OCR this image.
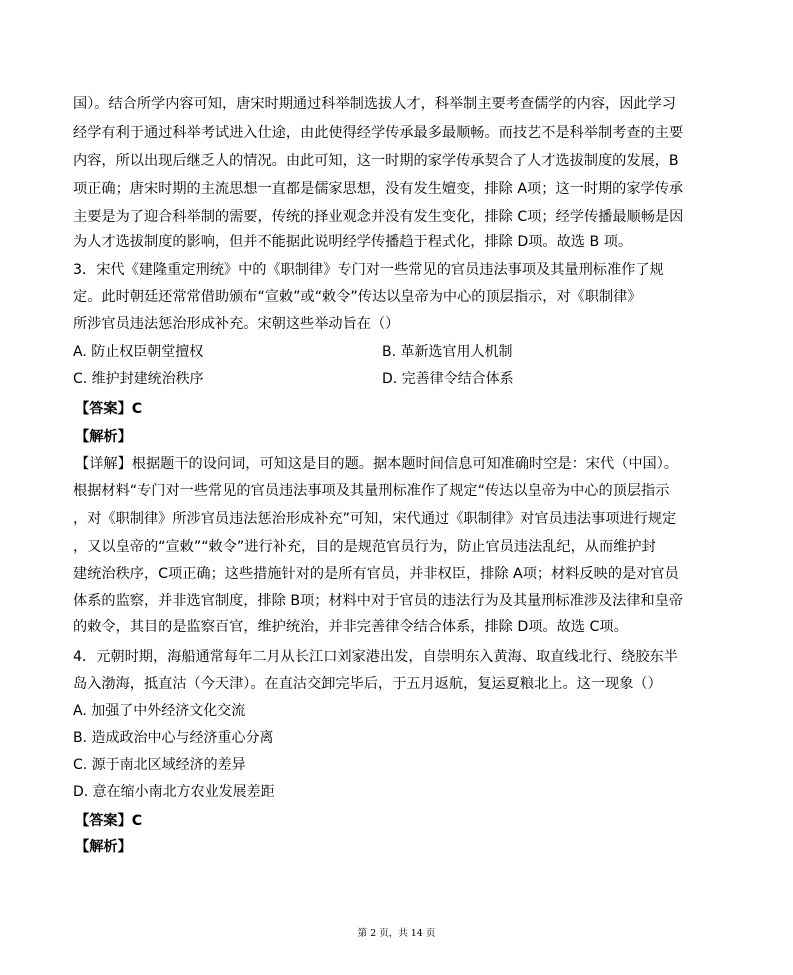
国）。结合所学内容可知，唐宋时期通过科举制选拔人才，科举制主要考查儒学的内容，因此学习
经学有利于通过科举考试进入仕途，由此使得经学传承最多最顺畅。而技艺不是科举制考查的主要
内容，所以出现后继乏人的情况。由此可知，这一时期的家学传承契合了人才选拔制度的发展，B
项正确；唐宋时期的主流思想一直都是儒家思想，没有发生嬗变，排除 A项；这一时期的家学传承
主要是为了迎合科举制的需要，传统的择业观念并没有发生变化，排除 C项；经学传播最顺畅是因
为人才选拔制度的影响，但并不能据此说明经学传播趋于程式化，排除 D项。故选 B 项。
3．宋代《建隆重定刑统》中的《职制律》专门对一些常见的官员违法事项及其量刑标准作了规
定。此时朝廷还常常借助颁布“宣敕”或“敕令”传达以皇帝为中心的顶层指示，对《职制律》
所涉官员违法惩治形成补充。宋朝这些举动旨在（）
A. 防止权臣朝堂擅权	B. 革新选官用人机制
C. 维护封建统治秩序	D. 完善律令结合体系
【答案】C
【解析】
【详解】根据题干的设问词，可知这是目的题。据本题时间信息可知准确时空是：宋代（中国）。
根据材料“专门对一些常见的官员违法事项及其量刑标准作了规定“传达以皇帝为中心的顶层指示
，对《职制律》所涉官员违法惩治形成补充”可知，宋代通过《职制律》对官员违法事项进行规定
，又以皇帝的“宣敕”“敕令”进行补充，目的是规范官员行为，防止官员违法乱纪，从而维护封
建统治秩序，C项正确；这些措施针对的是所有官员，并非权臣，排除 A项；材料反映的是对官员
体系的监察，并非选官制度，排除 B项；材料中对于官员的违法行为及其量刑标准涉及法律和皇帝
的敕令，其目的是监察百官，维护统治，并非完善律令结合体系，排除 D项。故选 C项。
4．元朝时期，海船通常每年二月从长江口刘家港出发，自崇明东入黄海、取直线北行、绕胶东半
岛入渤海，抵直沽（今天津）。在直沽交卸完毕后，于五月返航，复运夏粮北上。这一现象（）
A. 加强了中外经济文化交流
B. 造成政治中心与经济重心分离
C. 源于南北区域经济的差异
D. 意在缩小南北方农业发展差距
【答案】C
【解析】
第 2 页，共 14 页
